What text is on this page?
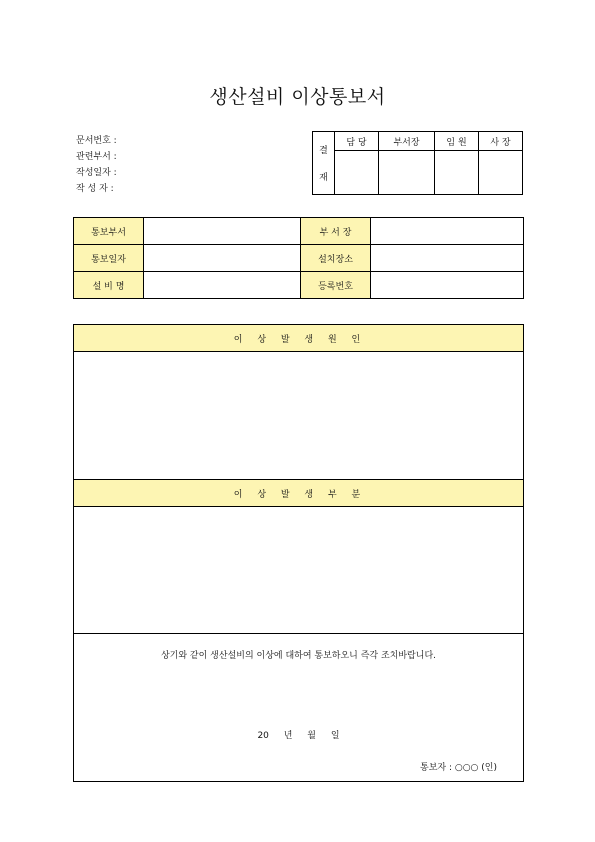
생산설비 이상통보서
문서번호 :
관련부서 :
작성일자 :
작 성 자 :
결
재	담 당	부서장	임 원	사 장

통보부서		부 서 장	
통보일자		설치장소	
설 비 명		등록번호	
이 상 발 생 원 인
이 상 발 생 부 분
상기와 같이 생산설비의 이상에 대하여 통보하오니 즉각 조치바랍니다.
20 년 월 일
통보자 : ○○○ (인)
